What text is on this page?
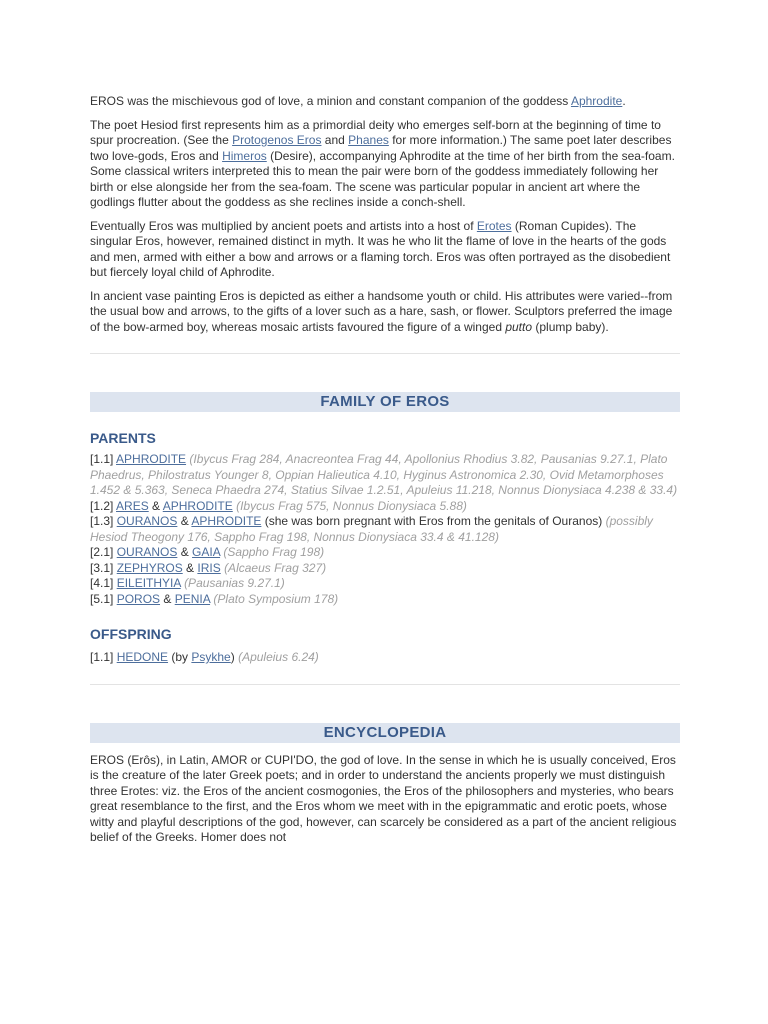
EROS was the mischievous god of love, a minion and constant companion of the goddess Aphrodite.

The poet Hesiod first represents him as a primordial deity who emerges self-born at the beginning of time to spur procreation. (See the Protogenos Eros and Phanes for more information.) The same poet later describes two love-gods, Eros and Himeros (Desire), accompanying Aphrodite at the time of her birth from the sea-foam. Some classical writers interpreted this to mean the pair were born of the goddess immediately following her birth or else alongside her from the sea-foam. The scene was particular popular in ancient art where the godlings flutter about the goddess as she reclines inside a conch-shell.

Eventually Eros was multiplied by ancient poets and artists into a host of Erotes (Roman Cupides). The singular Eros, however, remained distinct in myth. It was he who lit the flame of love in the hearts of the gods and men, armed with either a bow and arrows or a flaming torch. Eros was often portrayed as the disobedient but fiercely loyal child of Aphrodite.

In ancient vase painting Eros is depicted as either a handsome youth or child. His attributes were varied--from the usual bow and arrows, to the gifts of a lover such as a hare, sash, or flower. Sculptors preferred the image of the bow-armed boy, whereas mosaic artists favoured the figure of a winged putto (plump baby).

FAMILY OF EROS
PARENTS
[1.1] APHRODITE (Ibycus Frag 284, Anacreontea Frag 44, Apollonius Rhodius 3.82, Pausanias 9.27.1, Plato Phaedrus, Philostratus Younger 8, Oppian Halieutica 4.10, Hyginus Astronomica 2.30, Ovid Metamorphoses 1.452 & 5.363, Seneca Phaedra 274, Statius Silvae 1.2.51, Apuleius 11.218, Nonnus Dionysiaca 4.238 & 33.4)
[1.2] ARES & APHRODITE (Ibycus Frag 575, Nonnus Dionysiaca 5.88)
[1.3] OURANOS & APHRODITE (she was born pregnant with Eros from the genitals of Ouranos) (possibly Hesiod Theogony 176, Sappho Frag 198, Nonnus Dionysiaca 33.4 & 41.128)
[2.1] OURANOS & GAIA (Sappho Frag 198)
[3.1] ZEPHYROS & IRIS (Alcaeus Frag 327)
[4.1] EILEITHYIA (Pausanias 9.27.1)
[5.1] POROS & PENIA (Plato Symposium 178)
OFFSPRING
[1.1] HEDONE (by Psykhe) (Apuleius 6.24)
ENCYCLOPEDIA

EROS (Erôs), in Latin, AMOR or CUPI'DO, the god of love. In the sense in which he is usually conceived, Eros is the creature of the later Greek poets; and in order to understand the ancients properly we must distinguish three Erotes: viz. the Eros of the ancient cosmogonies, the Eros of the philosophers and mysteries, who bears great resemblance to the first, and the Eros whom we meet with in the epigrammatic and erotic poets, whose witty and playful descriptions of the god, however, can scarcely be considered as a part of the ancient religious belief of the Greeks. Homer does not
